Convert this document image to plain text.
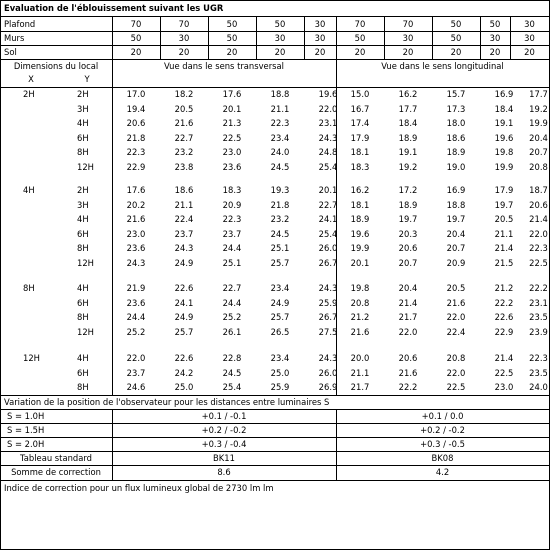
Evaluation de l'éblouissement suivant les UGR
Plafond	70	70	50	50	30	70	70	50	50	30
Murs	50	30	50	30	30	50	30	50	30	30
Sol	20	20	20	20	20	20	20	20	20	20
Dimensions du local
X	Y
Vue dans le sens transversal	Vue dans le sens longitudinal
2H	2H	17.0	18.2	17.6	18.8	19.6	15.0	16.2	15.7	16.9	17.7
3H	19.4	20.5	20.1	21.1	22.0	16.7	17.7	17.3	18.4	19.2
4H	20.6	21.6	21.3	22.3	23.1	17.4	18.4	18.0	19.1	19.9
6H	21.8	22.7	22.5	23.4	24.3	17.9	18.9	18.6	19.6	20.4
8H	22.3	23.2	23.0	24.0	24.8	18.1	19.1	18.9	19.8	20.7
12H	22.9	23.8	23.6	24.5	25.4	18.3	19.2	19.0	19.9	20.8
4H	2H	17.6	18.6	18.3	19.3	20.1	16.2	17.2	16.9	17.9	18.7
3H	20.2	21.1	20.9	21.8	22.7	18.1	18.9	18.8	19.7	20.6
4H	21.6	22.4	22.3	23.2	24.1	18.9	19.7	19.7	20.5	21.4
6H	23.0	23.7	23.7	24.5	25.4	19.6	20.3	20.4	21.1	22.0
8H	23.6	24.3	24.4	25.1	26.0	19.9	20.6	20.7	21.4	22.3
12H	24.3	24.9	25.1	25.7	26.7	20.1	20.7	20.9	21.5	22.5
8H	4H	21.9	22.6	22.7	23.4	24.3	19.8	20.4	20.5	21.2	22.2
6H	23.6	24.1	24.4	24.9	25.9	20.8	21.4	21.6	22.2	23.1
8H	24.4	24.9	25.2	25.7	26.7	21.2	21.7	22.0	22.6	23.5
12H	25.2	25.7	26.1	26.5	27.5	21.6	22.0	22.4	22.9	23.9
12H	4H	22.0	22.6	22.8	23.4	24.3	20.0	20.6	20.8	21.4	22.3
6H	23.7	24.2	24.5	25.0	26.0	21.1	21.6	22.0	22.5	23.5
8H	24.6	25.0	25.4	25.9	26.9	21.7	22.2	22.5	23.0	24.0
Variation de la position de l'observateur pour les distances entre luminaires S
S = 1.0H	+0.1 / -0.1	+0.1 / 0.0
S = 1.5H	+0.2 / -0.2	+0.2 / -0.2
S = 2.0H	+0.3 / -0.4	+0.3 / -0.5
Tableau standard	BK11	BK08
Somme de correction	8.6	4.2
Indice de correction pour un flux lumineux global de 2730 lm lm
